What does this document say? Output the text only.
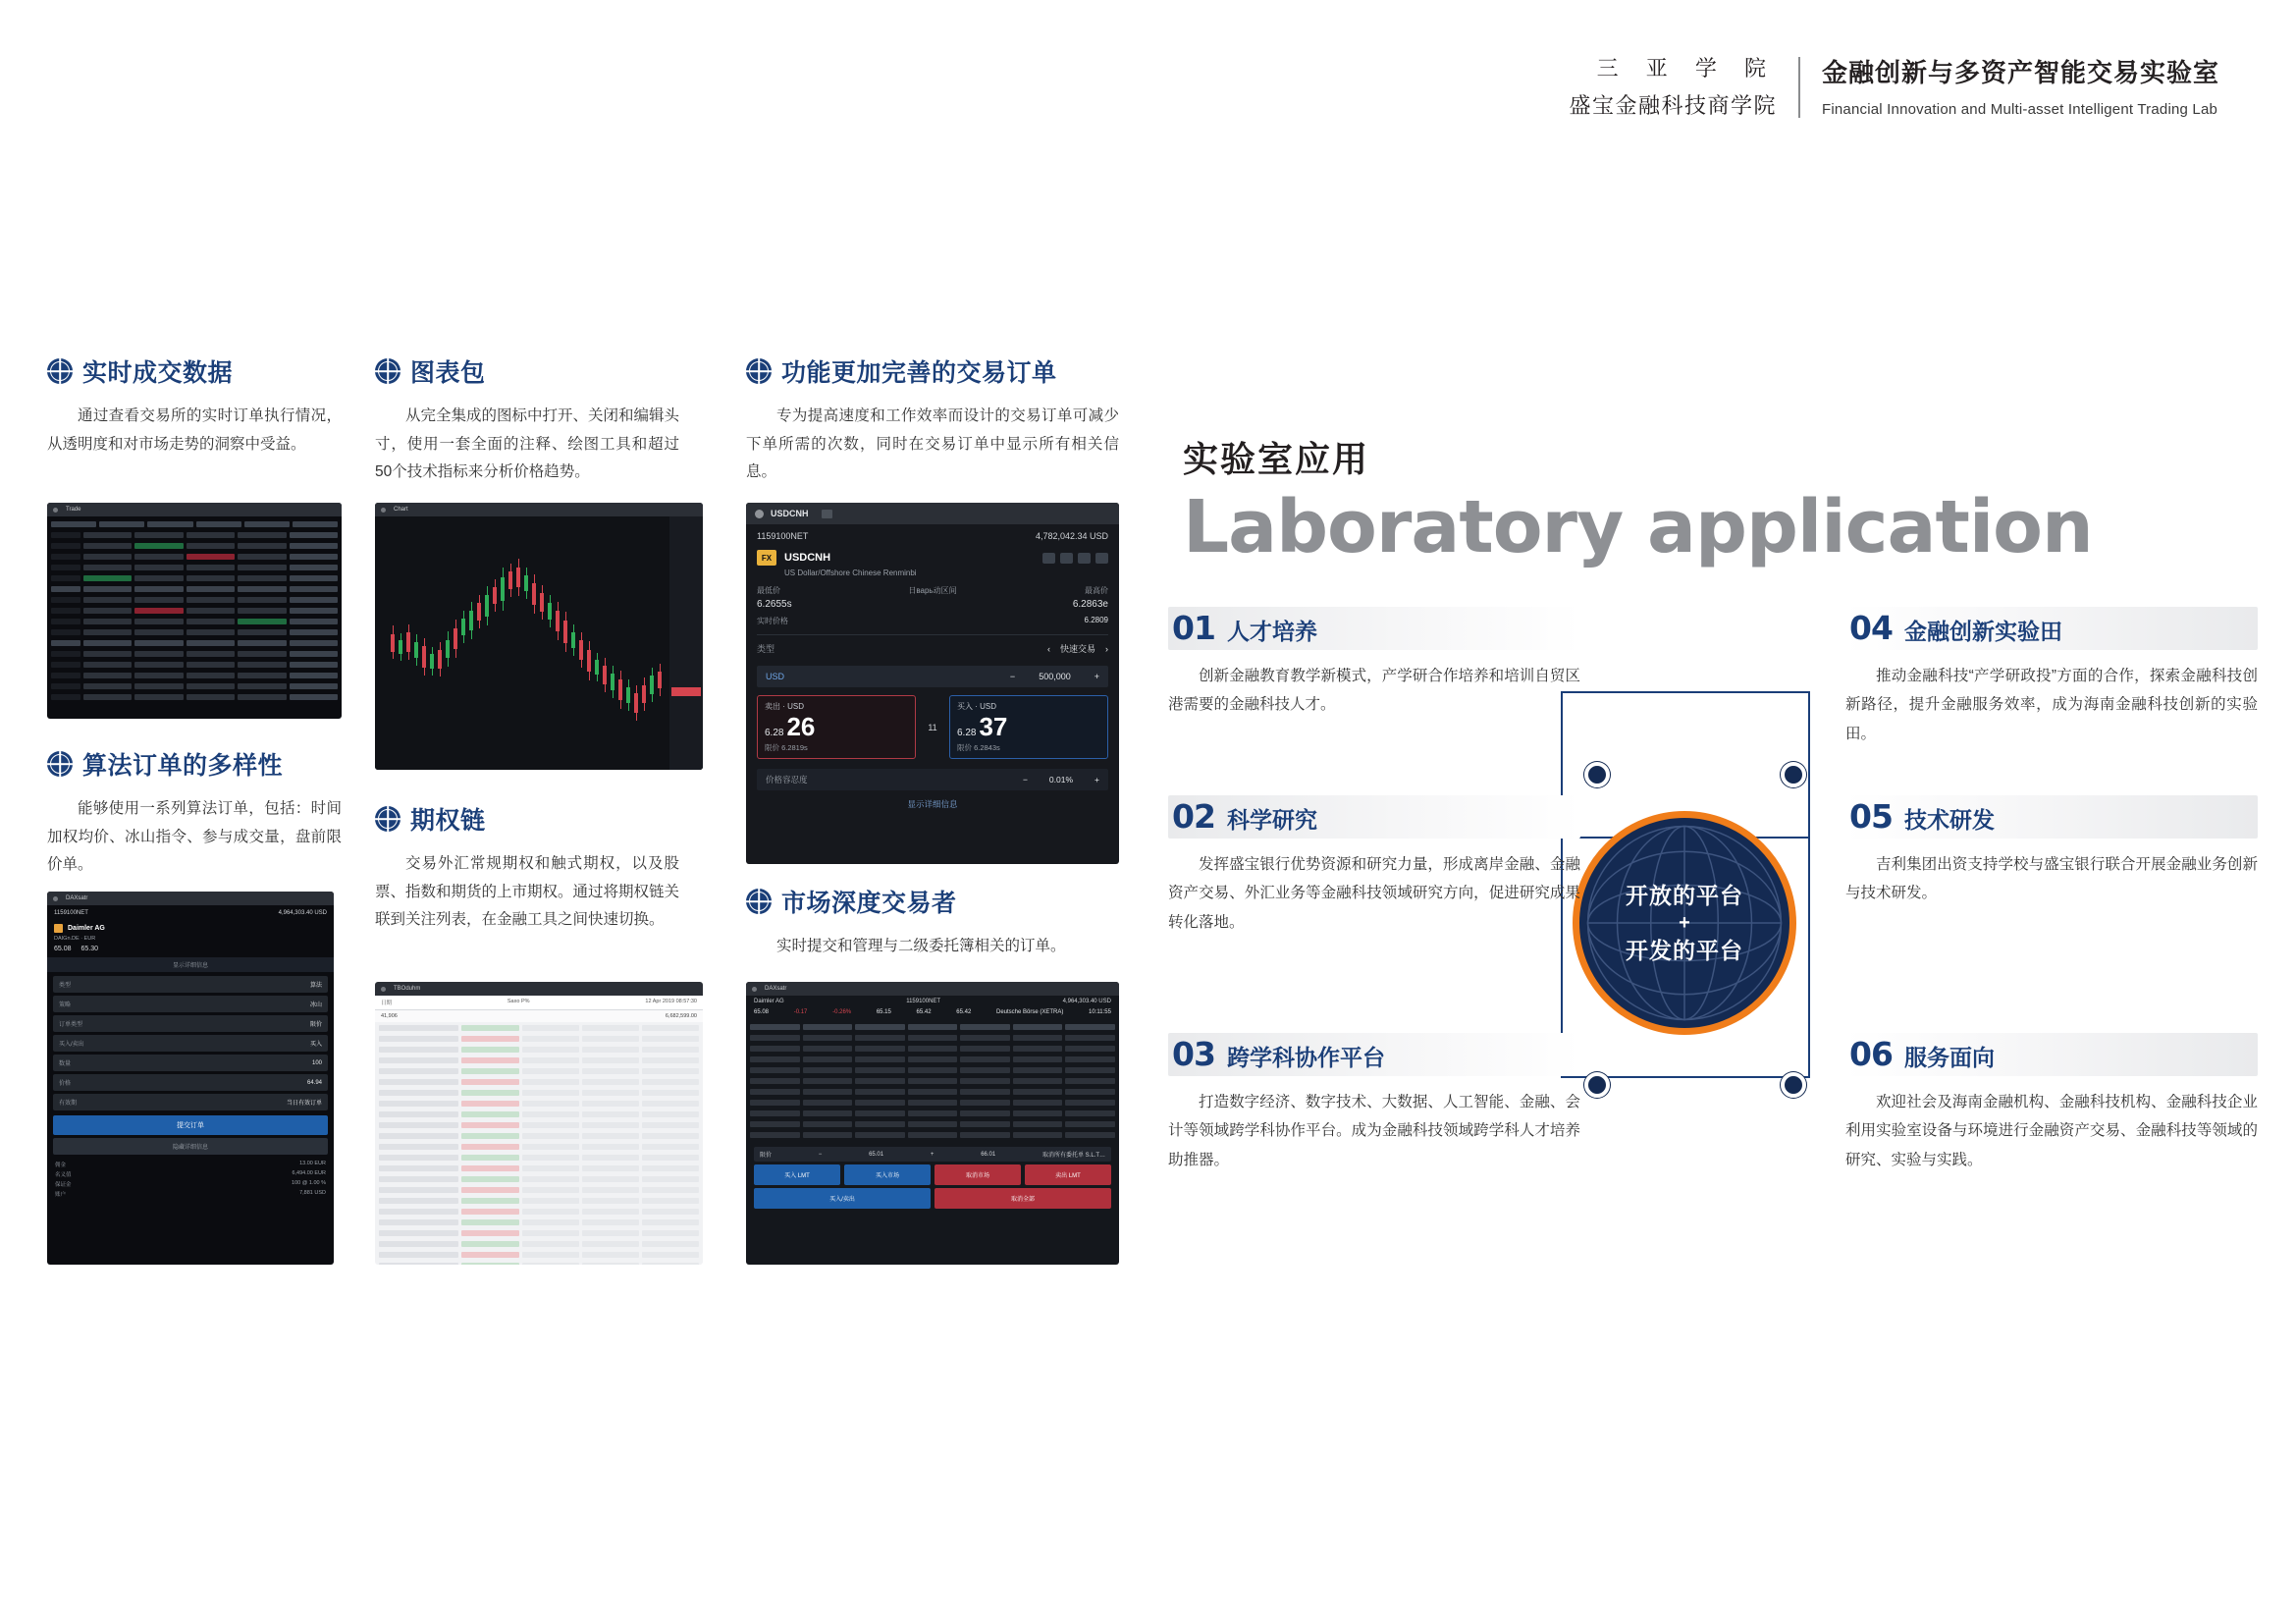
三 亚 学 院
盛宝金融科技商学院
金融创新与多资产智能交易实验室
Financial Innovation and Multi-asset Intelligent Trading Lab
实时成交数据
通过查看交易所的实时订单执行情况，从透明度和对市场走势的洞察中受益。
Trade
算法订单的多样性
能够使用一系列算法订单，包括：时间加权均价、冰山指令、参与成交量，盘前限价单。
DAXsatr
1159100NET	4,964,303.40 USD
Daimler AG
DAIGn.DE · EUR
65.08 65.30
显示详细信息
类型	算法
策略	冰山
订单类型	限价
买入/卖出	买入
数量	100
价格	64.94
有效期	当日有效订单
提交订单
隐藏详细信息
佣金	13.00 EUR
名义值	6,494.00 EUR
保证金	100 @ 1.00 %
账户	7,881 USD
图表包
从完全集成的图标中打开、关闭和编辑头寸，使用一套全面的注释、绘图工具和超过50个技术指标来分析价格趋势。
Chart
期权链
交易外汇常规期权和触式期权，以及股票、指数和期货的上市期权。通过将期权链关联到关注列表，在金融工具之间快速切换。
TBOduhm
日期	Saxo P%	12 Apr 2019 08:57:30
41,906	6,682,599.00
功能更加完善的交易订单
专为提高速度和工作效率而设计的交易订单可减少下单所需的次数，同时在交易订单中显示所有相关信息。
USDCNH
1159100NET	4,782,042.34 USD
FX	USDCNH
US Dollar/Offshore Chinese Renminbi
最低价	日варь动区间	最高价
6.2655s	6.2863e
实时价格	6.2809
类型	‹ 快速交易 ›
USD	−	500,000	+
卖出 · USD
6.28 26
限价 6.2819s
11
买入 · USD
6.28 37
限价 6.2843s
价格容忍度	−	0.01%	+
显示详细信息
市场深度交易者
实时提交和管理与二级委托簿相关的订单。
DAXsatr
Daimler AG	1159100NET	4,964,303.40 USD
65.08	-0.17	-0.26%	65.15	65.42	65.42	Deutsche Börse (XETRA)	10:11:55
限价	−	65.01	+	66.01	取消所有委托单 S.L.T…
买入 LMT	买入市场	取消市场	卖出 LMT
买入/卖出	取消全部
实验室应用
Laboratory application
开放的平台
+
开发的平台
01 人才培养
创新金融教育教学新模式，产学研合作培养和培训自贸区港需要的金融科技人才。
02 科学研究
发挥盛宝银行优势资源和研究力量，形成离岸金融、金融资产交易、外汇业务等金融科技领域研究方向，促进研究成果转化落地。
03 跨学科协作平台
打造数字经济、数字技术、大数据、人工智能、金融、会计等领域跨学科协作平台。成为金融科技领域跨学科人才培养助推器。
04 金融创新实验田
推动金融科技“产学研政投”方面的合作，探索金融科技创新路径，提升金融服务效率，成为海南金融科技创新的实验田。
05 技术研发
吉利集团出资支持学校与盛宝银行联合开展金融业务创新与技术研发。
06 服务面向
欢迎社会及海南金融机构、金融科技机构、金融科技企业利用实验室设备与环境进行金融资产交易、金融科技等领域的研究、实验与实践。
